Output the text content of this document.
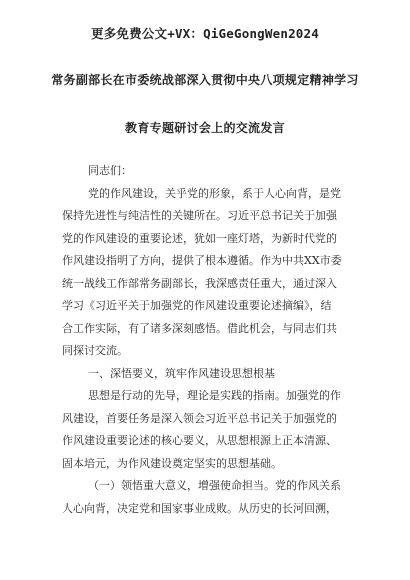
更多免费公文+VX：QiGeGongWen2024
常务副部长在市委统战部深入贯彻中央八项规定精神学习
教育专题研讨会上的交流发言
同志们：
党的作风建设，关乎党的形象，系于人心向背，是党
保持先进性与纯洁性的关键所在。习近平总书记关于加强
党的作风建设的重要论述，犹如一座灯塔，为新时代党的
作风建设指明了方向，提供了根本遵循。作为中共XX市委
统一战线工作部常务副部长，我深感责任重大，通过深入
学习《习近平关于加强党的作风建设重要论述摘编》，结
合工作实际，有了诸多深刻感悟。借此机会，与同志们共
同探讨交流。
一、深悟要义，筑牢作风建设思想根基
思想是行动的先导，理论是实践的指南。加强党的作
风建设，首要任务是深入领会习近平总书记关于加强党的
作风建设重要论述的核心要义，从思想根源上正本清源、
固本培元，为作风建设奠定坚实的思想基础。
（一）领悟重大意义，增强使命担当。党的作风关系
人心向背，决定党和国家事业成败。从历史的长河回溯，
